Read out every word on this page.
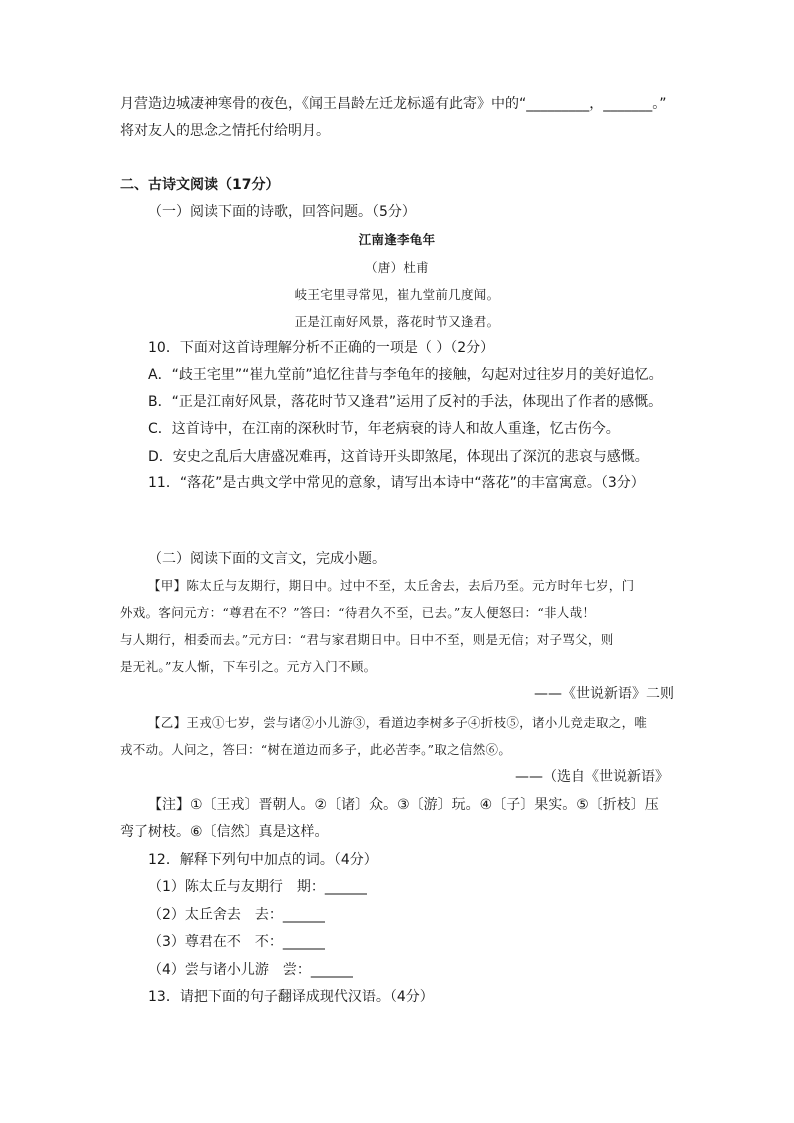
月营造边城凄神寒骨的夜色，《闻王昌龄左迁龙标遥有此寄》中的“_________，_______。”
将对友人的思念之情托付给明月。
二、古诗文阅读（17分）
（一）阅读下面的诗歌，回答问题。（5分）
江南逢李龟年
（唐）杜甫
岐王宅里寻常见，崔九堂前几度闻。
正是江南好风景，落花时节又逢君。
10．下面对这首诗理解分析不正确的一项是（ ）（2分）
A．“歧王宅里”“崔九堂前”追忆往昔与李龟年的接触，勾起对过往岁月的美好追忆。
B．“正是江南好风景，落花时节又逢君”运用了反衬的手法，体现出了作者的感慨。
C．这首诗中，在江南的深秋时节，年老病衰的诗人和故人重逢，忆古伤今。
D．安史之乱后大唐盛况难再，这首诗开头即煞尾，体现出了深沉的悲哀与感慨。
11．“落花”是古典文学中常见的意象，请写出本诗中“落花”的丰富寓意。（3分）
（二）阅读下面的文言文，完成小题。
【甲】陈太丘与友期行，期日中。过中不至，太丘舍去，去后乃至。元方时年七岁，门
外戏。客问元方：“尊君在不？”答曰：“待君久不至，已去。”友人便怒曰：“非人哉！
与人期行，相委而去。”元方曰：“君与家君期日中。日中不至，则是无信；对子骂父，则
是无礼。”友人惭，下车引之。元方入门不顾。
——《世说新语》二则
【乙】王戎①七岁，尝与诸②小儿游③，看道边李树多子④折枝⑤，诸小儿竞走取之，唯
戎不动。人问之，答曰：“树在道边而多子，此必苦李。”取之信然⑥。
——（选自《世说新语》
【注】①〔王戎〕晋朝人。②〔诸〕众。③〔游〕玩。④〔子〕果实。⑤〔折枝〕压
弯了树枝。⑥〔信然〕真是这样。
12．解释下列句中加点的词。（4分）
（1）陈太丘与友期行　期：______
（2）太丘舍去　去：______
（3）尊君在不　不：______
（4）尝与诸小儿游　尝：______
13．请把下面的句子翻译成现代汉语。（4分）
